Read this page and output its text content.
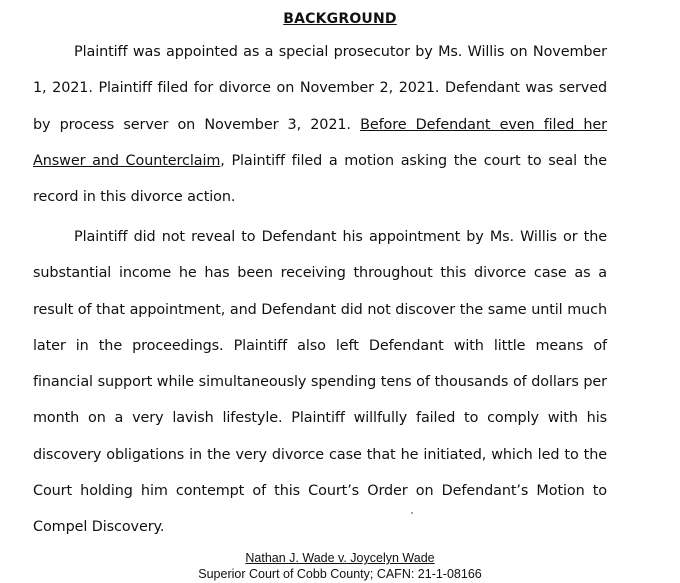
BACKGROUND

Plaintiff was appointed as a special prosecutor by Ms. Willis on November 1, 2021. Plaintiff filed for divorce on November 2, 2021. Defendant was served by process server on November 3, 2021. Before Defendant even filed her Answer and Counterclaim, Plaintiff filed a motion asking the court to seal the record in this divorce action.

Plaintiff did not reveal to Defendant his appointment by Ms. Willis or the substantial income he has been receiving throughout this divorce case as a result of that appointment, and Defendant did not discover the same until much later in the proceedings. Plaintiff also left Defendant with little means of financial support while simultaneously spending tens of thousands of dollars per month on a very lavish lifestyle. Plaintiff willfully failed to comply with his discovery obligations in the very divorce case that he initiated, which led to the Court holding him contempt of this Court’s Order on Defendant’s Motion to Compel Discovery.

Nathan J. Wade v. Joycelyn Wade
Superior Court of Cobb County; CAFN: 21-1-08166
